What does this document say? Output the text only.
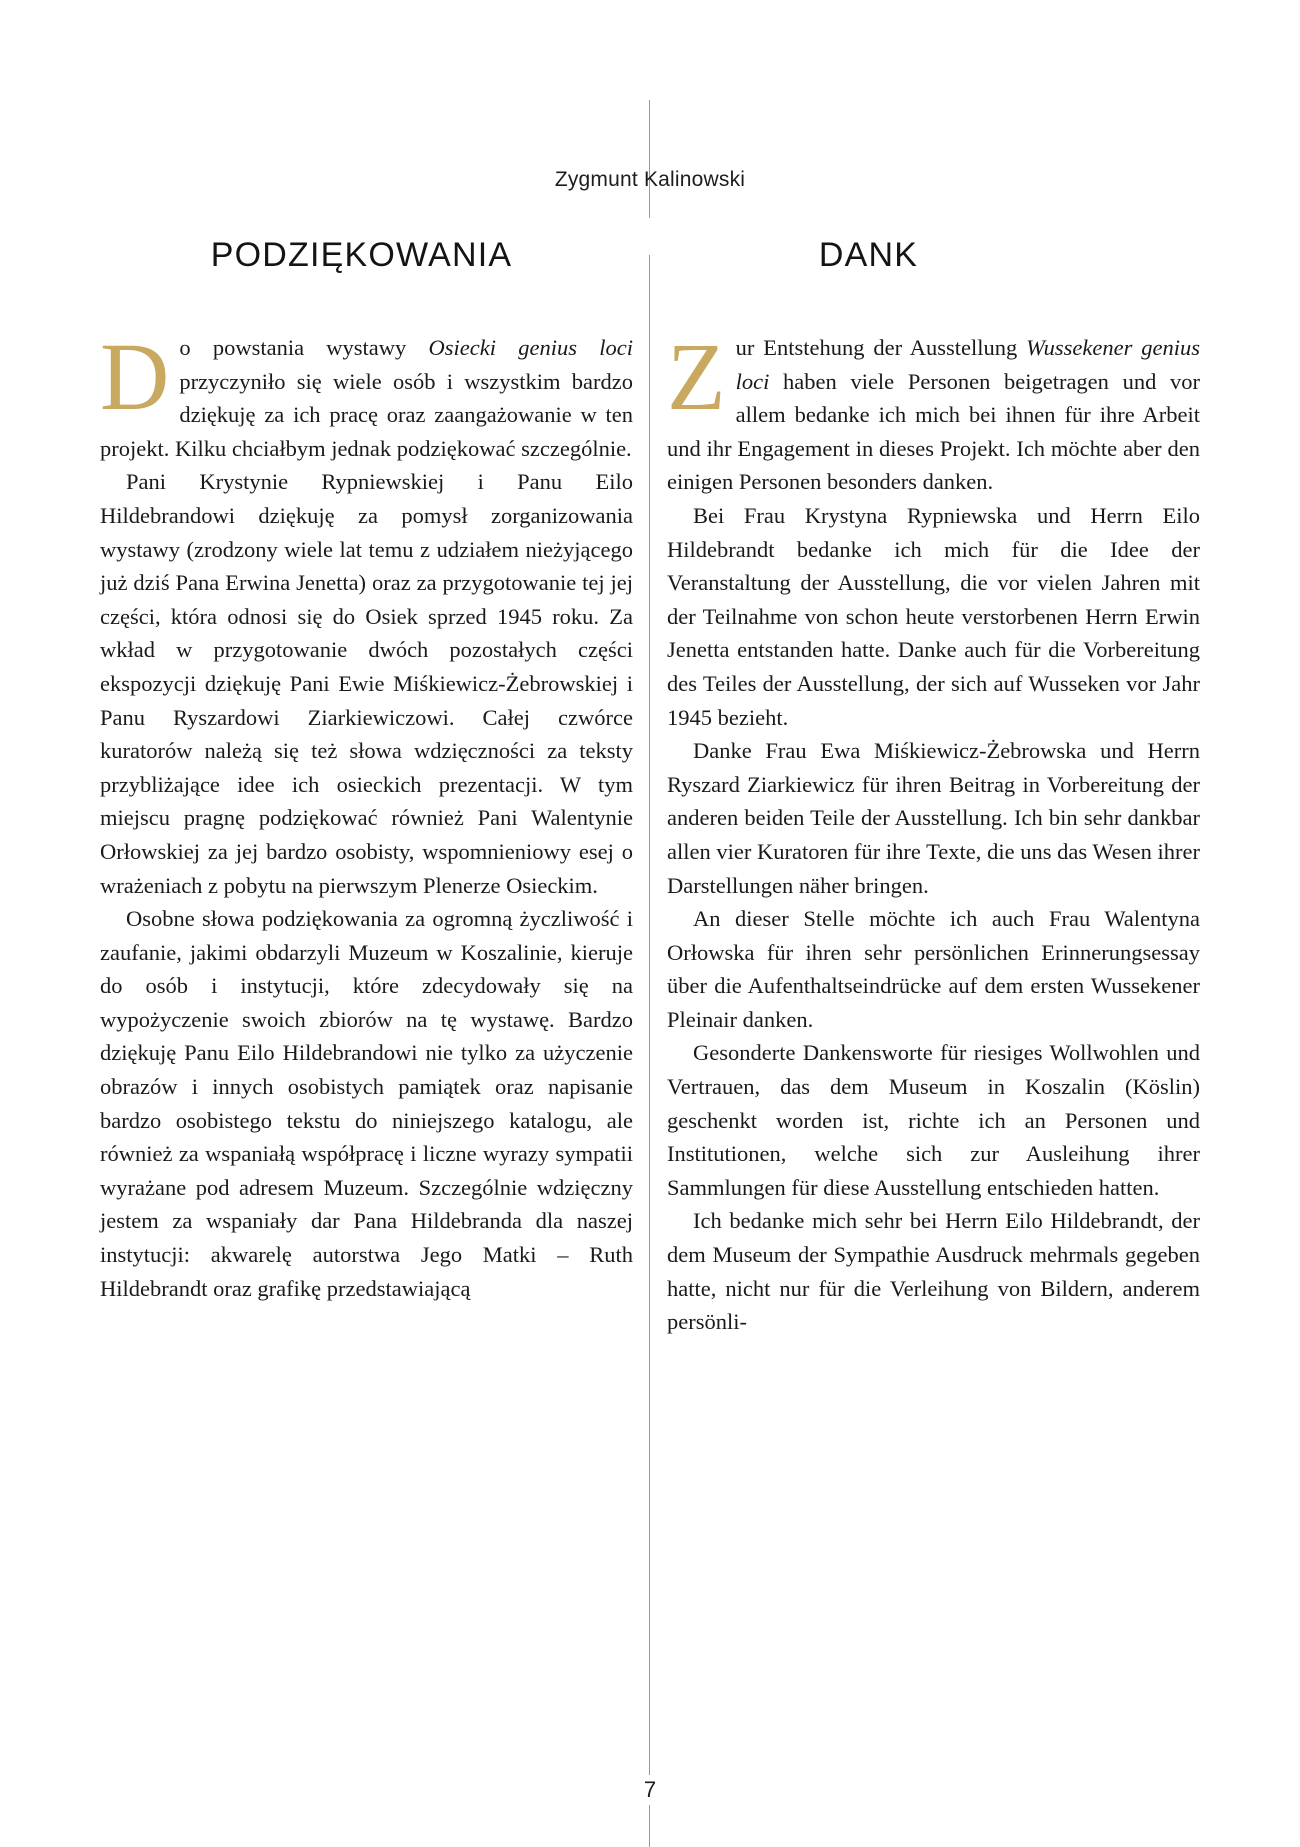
Zygmunt Kalinowski
PODZIĘKOWANIA

D o powstania wystawy Osiecki genius loci przyczyniło się wiele osób i wszystkim bardzo dziękuję za ich pracę oraz zaangażowanie w ten projekt. Kilku chciałbym jednak podziękować szczególnie.

Pani Krystynie Rypniewskiej i Panu Eilo Hildebrandowi dziękuję za pomysł zorganizowania wystawy (zrodzony wiele lat temu z udziałem nieżyjącego już dziś Pana Erwina Jenetta) oraz za przygotowanie tej jej części, która odnosi się do Osiek sprzed 1945 roku. Za wkład w przygotowanie dwóch pozostałych części ekspozycji dziękuję Pani Ewie Miśkiewicz-Żebrowskiej i Panu Ryszardowi Ziarkiewiczowi. Całej czwórce kuratorów należą się też słowa wdzięczności za teksty przybliżające idee ich osieckich prezentacji. W tym miejscu pragnę podziękować również Pani Walentynie Orłowskiej za jej bardzo osobisty, wspomnieniowy esej o wrażeniach z pobytu na pierwszym Plenerze Osieckim.

Osobne słowa podziękowania za ogromną życzliwość i zaufanie, jakimi obdarzyli Muzeum w Koszalinie, kieruje do osób i instytucji, które zdecydowały się na wypożyczenie swoich zbiorów na tę wystawę. Bardzo dziękuję Panu Eilo Hildebrandowi nie tylko za użyczenie obrazów i innych osobistych pamiątek oraz napisanie bardzo osobistego tekstu do niniejszego katalogu, ale również za wspaniałą współpracę i liczne wyrazy sympatii wyrażane pod adresem Muzeum. Szczególnie wdzięczny jestem za wspaniały dar Pana Hildebranda dla naszej instytucji: akwarelę autorstwa Jego Matki – Ruth Hildebrandt oraz grafikę przedstawiającą

DANK

Z ur Entstehung der Ausstellung Wussekener genius loci haben viele Personen beigetragen und vor allem bedanke ich mich bei ihnen für ihre Arbeit und ihr Engagement in dieses Projekt. Ich möchte aber den einigen Personen besonders danken.

Bei Frau Krystyna Rypniewska und Herrn Eilo Hildebrandt bedanke ich mich für die Idee der Veranstaltung der Ausstellung, die vor vielen Jahren mit der Teilnahme von schon heute verstorbenen Herrn Erwin Jenetta entstanden hatte. Danke auch für die Vorbereitung des Teiles der Ausstellung, der sich auf Wusseken vor Jahr 1945 bezieht.

Danke Frau Ewa Miśkiewicz-Żebrowska und Herrn Ryszard Ziarkiewicz für ihren Beitrag in Vorbereitung der anderen beiden Teile der Ausstellung. Ich bin sehr dankbar allen vier Kuratoren für ihre Texte, die uns das Wesen ihrer Darstellungen näher bringen.

An dieser Stelle möchte ich auch Frau Walentyna Orłowska für ihren sehr persönlichen Erinnerungsessay über die Aufenthaltseindrücke auf dem ersten Wussekener Pleinair danken.

Gesonderte Dankensworte für riesiges Wollwohlen und Vertrauen, das dem Museum in Koszalin (Köslin) geschenkt worden ist, richte ich an Personen und Institutionen, welche sich zur Ausleihung ihrer Sammlungen für diese Ausstellung entschieden hatten.

Ich bedanke mich sehr bei Herrn Eilo Hildebrandt, der dem Museum der Sympathie Ausdruck mehrmals gegeben hatte, nicht nur für die Verleihung von Bildern, anderem persönli-

7
